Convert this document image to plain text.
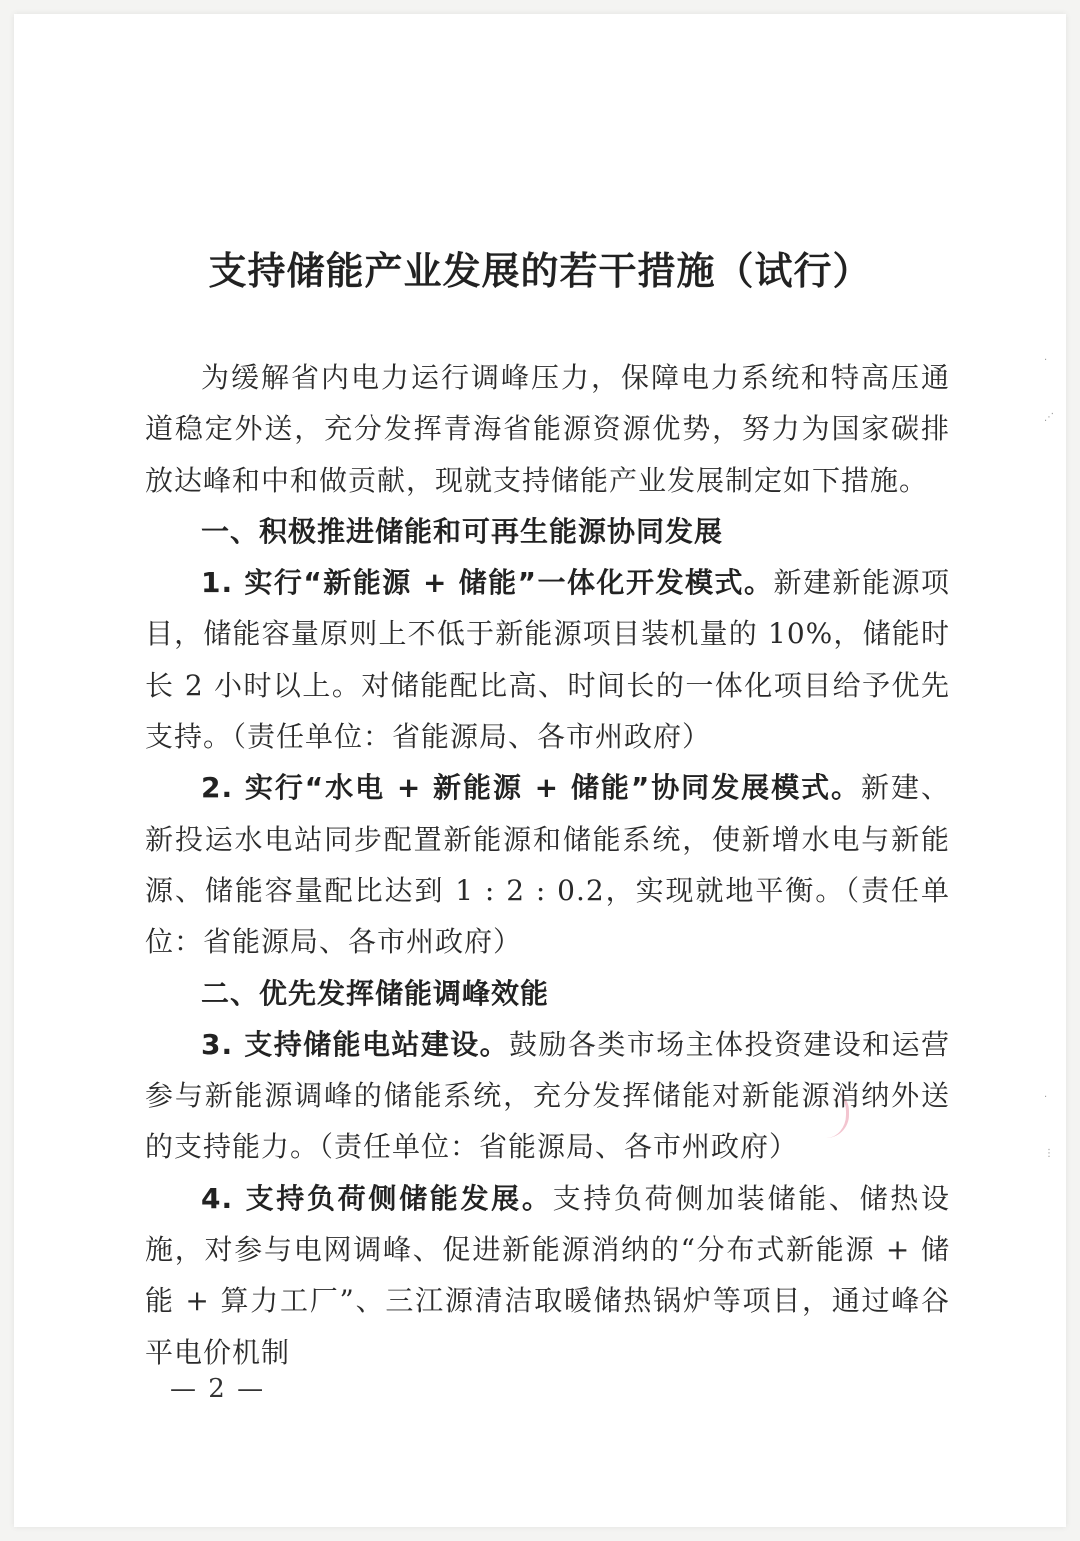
·
⋰
·
⋮
支持储能产业发展的若干措施（试行）

为缓解省内电力运行调峰压力，保障电力系统和特高压通道稳定外送，充分发挥青海省能源资源优势，努力为国家碳排放达峰和中和做贡献，现就支持储能产业发展制定如下措施。

一、积极推进储能和可再生能源协同发展

1. 实行“新能源 + 储能”一体化开发模式。新建新能源项目，储能容量原则上不低于新能源项目装机量的 10%，储能时长 2 小时以上。对储能配比高、时间长的一体化项目给予优先支持。（责任单位：省能源局、各市州政府）

2. 实行“水电 + 新能源 + 储能”协同发展模式。新建、新投运水电站同步配置新能源和储能系统，使新增水电与新能源、储能容量配比达到 1 : 2 : 0.2，实现就地平衡。（责任单位：省能源局、各市州政府）

二、优先发挥储能调峰效能

3. 支持储能电站建设。鼓励各类市场主体投资建设和运营参与新能源调峰的储能系统，充分发挥储能对新能源消纳外送的支持能力。（责任单位：省能源局、各市州政府）

4. 支持负荷侧储能发展。支持负荷侧加装储能、储热设施，对参与电网调峰、促进新能源消纳的“分布式新能源 + 储能 + 算力工厂”、三江源清洁取暖储热锅炉等项目，通过峰谷平电价机制

— 2 —
